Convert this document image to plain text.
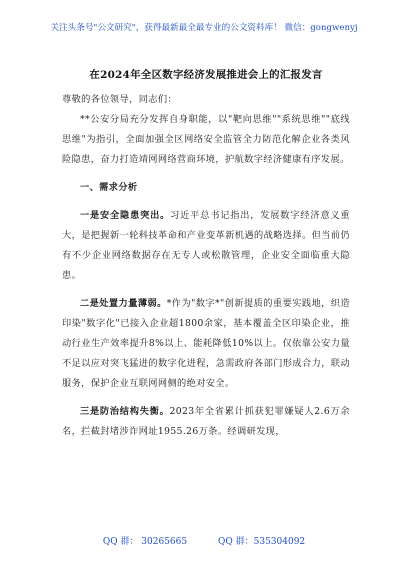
关注头条号"公文研究"，获得最新最全最专业的公文资料库！ 微信：gongwenyj
在2024年全区数字经济发展推进会上的汇报发言

尊敬的各位领导，同志们：

**公安分局充分发挥自身职能，以"靶向思维""系统思维""底线思维"为指引，全面加强全区网络安全监管全力防范化解企业各类风险隐患，奋力打造靖网网络营商环境，护航数字经济健康有序发展。

一、需求分析

一是安全隐患突出。习近平总书记指出，发展数字经济意义重大，是把握新一轮科技革命和产业变革新机遇的战略选择。但当前仍有不少企业网络数据存在无专人或松散管理，企业安全面临重大隐患。

二是处置力量薄弱。*作为"数字*"创新提质的重要实践地，织造印染"数字化"已接入企业超1800余家，基本覆盖全区印染企业，推动行业生产效率提升8%以上、能耗降低10%以上。仅依靠公安力量不足以应对突飞猛进的数字化进程，急需政府各部门形成合力，联动服务，保护企业互联网网侧的绝对安全。

三是防治结构失衡。2023年全省累计抓获犯罪嫌疑人2.6万余名，拦截封堵涉诈网址1955.26万条。经调研发现，

QQ 群： 30265665	QQ 群：535304092
